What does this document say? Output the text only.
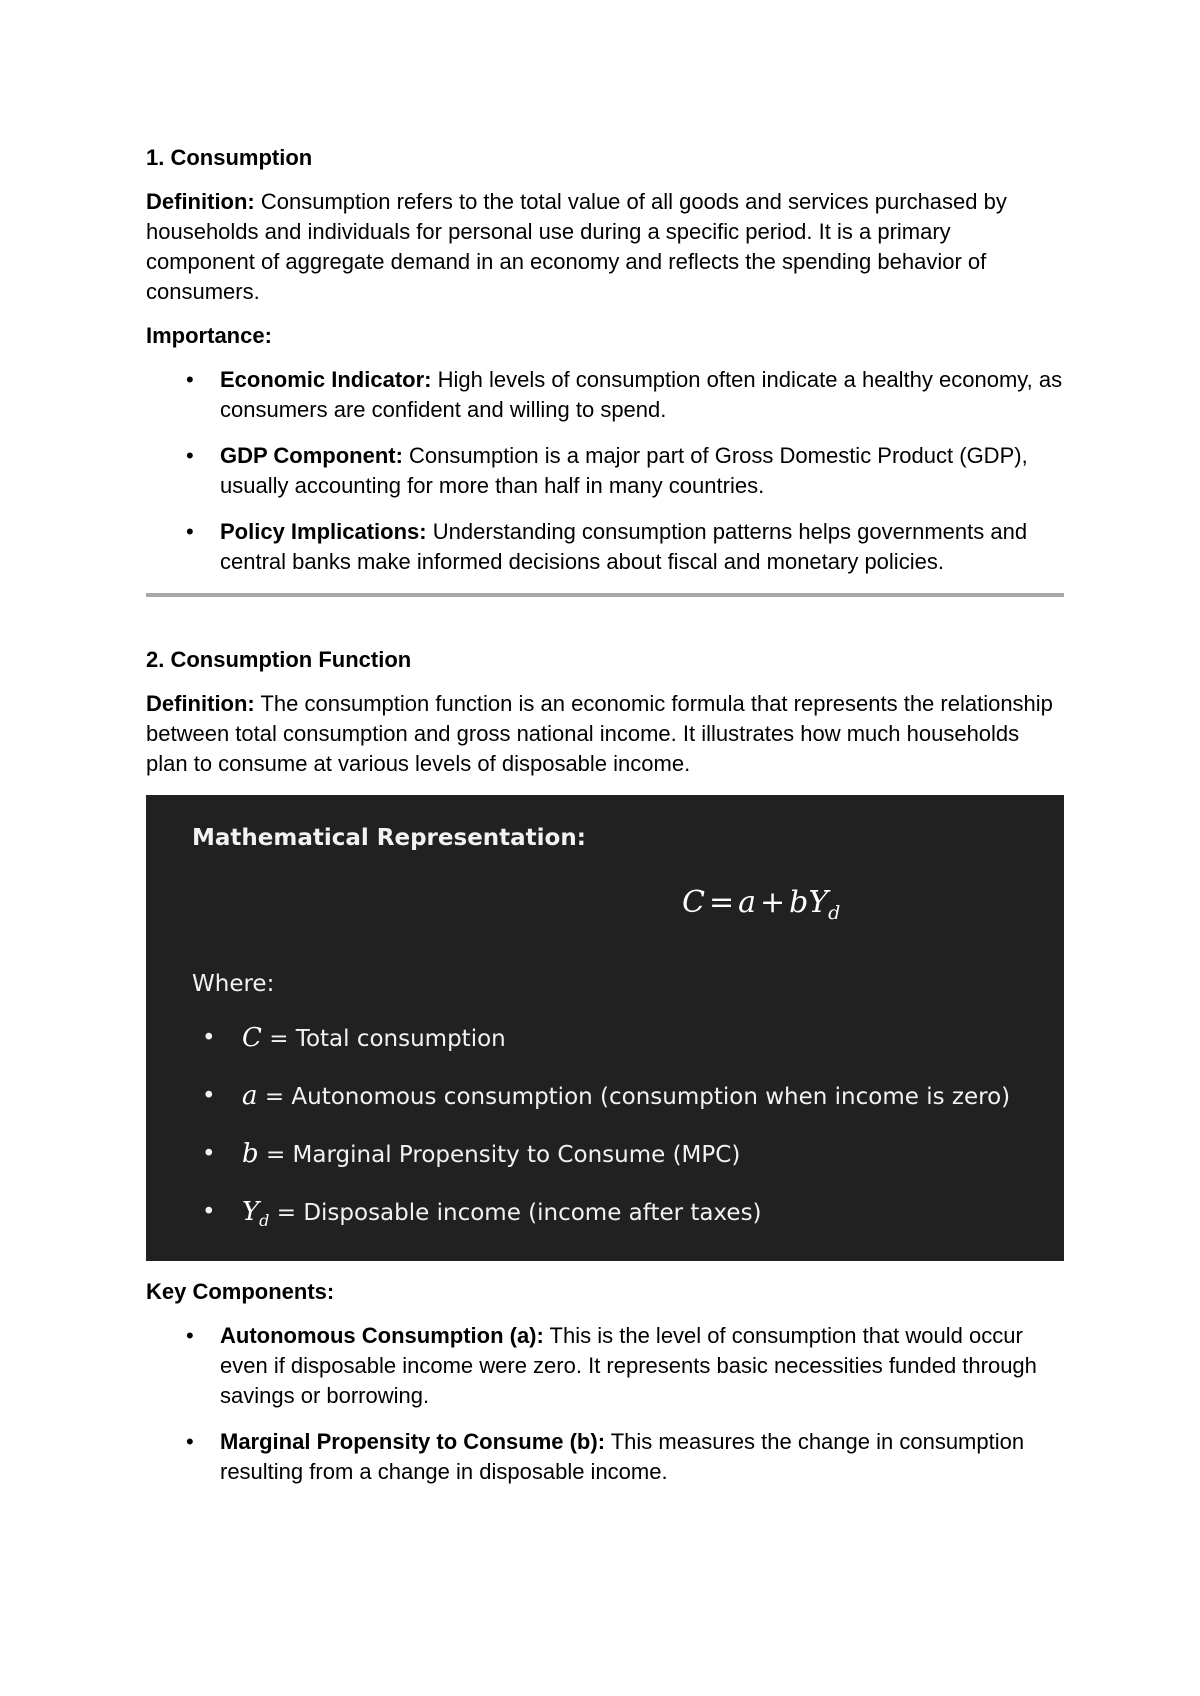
1. Consumption

Definition: Consumption refers to the total value of all goods and services purchased by households and individuals for personal use during a specific period. It is a primary component of aggregate demand in an economy and reflects the spending behavior of consumers.

Importance:
• Economic Indicator: High levels of consumption often indicate a healthy economy, as consumers are confident and willing to spend.
• GDP Component: Consumption is a major part of Gross Domestic Product (GDP), usually accounting for more than half in many countries.
• Policy Implications: Understanding consumption patterns helps governments and central banks make informed decisions about fiscal and monetary policies.
2. Consumption Function

Definition: The consumption function is an economic formula that represents the relationship between total consumption and gross national income. It illustrates how much households plan to consume at various levels of disposable income.

Mathematical Representation:
$C = a + bY_d$
Where:
• C = Total consumption
• a = Autonomous consumption (consumption when income is zero)
• b = Marginal Propensity to Consume (MPC)
• $Y_d$ = Disposable income (income after taxes)
Key Components:
• Autonomous Consumption (a): This is the level of consumption that would occur even if disposable income were zero. It represents basic necessities funded through savings or borrowing.
• Marginal Propensity to Consume (b): This measures the change in consumption resulting from a change in disposable income.
